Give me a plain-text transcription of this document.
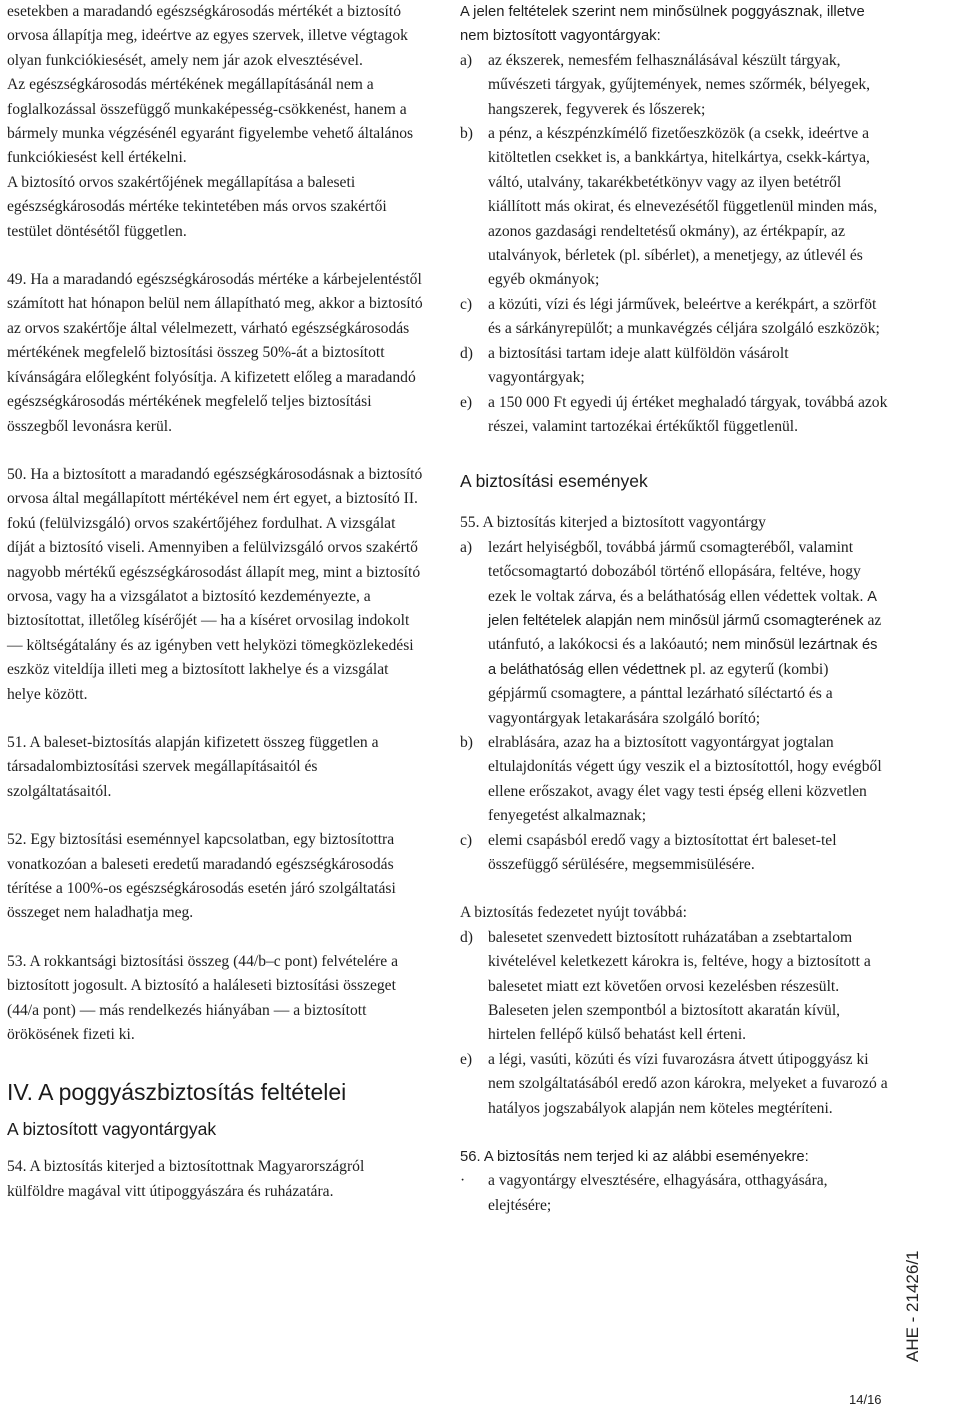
esetekben a maradandó egészségkárosodás mértékét a biztosító orvosa állapítja meg, ideértve az egyes szervek, illetve végtagok olyan funkciókiesését, amely nem jár azok elvesztésével.

Az egészségkárosodás mértékének megállapításánál nem a foglalkozással összefüggő munkaképesség-csökkenést, hanem a bármely munka végzésénél egyaránt figyelembe vehető általános funkciókiesést kell értékelni.

A biztosító orvos szakértőjének megállapítása a baleseti egészségkárosodás mértéke tekintetében más orvos szakértői testület döntésétől független.

49. Ha a maradandó egészségkárosodás mértéke a kárbejelentéstől számított hat hónapon belül nem állapítható meg, akkor a biztosító az orvos szakértője által vélelmezett, várható egészségkárosodás mértékének megfelelő biztosítási összeg 50%-át a biztosított kívánságára előlegként folyósítja. A kifizetett előleg a maradandó egészségkárosodás mértékének megfelelő teljes biztosítási összegből levonásra kerül.

50. Ha a biztosított a maradandó egészségkárosodásnak a biztosító orvosa által megállapított mértékével nem ért egyet, a biztosító II. fokú (felülvizsgáló) orvos szakértőjéhez fordulhat. A vizsgálat díját a biztosító viseli. Amennyiben a felülvizsgáló orvos szakértő nagyobb mértékű egészségkárosodást állapít meg, mint a biztosító orvosa, vagy ha a vizsgálatot a biztosító kezdeményezte, a biztosítottat, illetőleg kísérőjét — ha a kíséret orvosilag indokolt — költségátalány és az igényben vett helyközi tömegközlekedési eszköz viteldíja illeti meg a biztosított lakhelye és a vizsgálat helye között.

51. A baleset-biztosítás alapján kifizetett összeg független a társadalombiztosítási szervek megállapításaitól és szolgáltatásaitól.

52. Egy biztosítási eseménnyel kapcsolatban, egy biztosítottra vonatkozóan a baleseti eredetű maradandó egészségkárosodás térítése a 100%-os egészségkárosodás esetén járó szolgáltatási összeget nem haladhatja meg.

53. A rokkantsági biztosítási összeg (44/b–c pont) felvételére a biztosított jogosult. A biztosító a haláleseti biztosítási összeget (44/a pont) — más rendelkezés hiányában — a biztosított örökösének fizeti ki.

IV. A poggyászbiztosítás feltételei
A biztosított vagyontárgyak

54. A biztosítás kiterjed a biztosítottnak Magyarországról külföldre magával vitt útipoggyászára és ruházatára.

A jelen feltételek szerint nem minősülnek poggyásznak, illetve nem biztosított vagyontárgyak:

a) az ékszerek, nemesfém felhasználásával készült tárgyak, művészeti tárgyak, gyűjtemények, nemes szőrmék, bélyegek, hangszerek, fegyverek és lőszerek;
b) a pénz, a készpénzkímélő fizetőeszközök (a csekk, ideértve a kitöltetlen csekket is, a bankkártya, hitelkártya, csekk-kártya, váltó, utalvány, takarékbetétkönyv vagy az ilyen betétről kiállított más okirat, és elnevezésétől függetlenül minden más, azonos gazdasági rendeltetésű okmány), az értékpapír, az utalványok, bérletek (pl. síbérlet), a menetjegy, az útlevél és egyéb okmányok;
c) a közúti, vízi és légi járművek, beleértve a kerékpárt, a szörföt és a sárkányrepülőt; a munkavégzés céljára szolgáló eszközök;
d) a biztosítási tartam ideje alatt külföldön vásárolt vagyontárgyak;
e) a 150 000 Ft egyedi új értéket meghaladó tárgyak, továbbá azok részei, valamint tartozékai értékűktől függetlenül.
A biztosítási események

55. A biztosítás kiterjed a biztosított vagyontárgy

a) lezárt helyiségből, továbbá jármű csomagteréből, valamint tetőcsomagtartó dobozából történő ellopására, feltéve, hogy ezek le voltak zárva, és a beláthatóság ellen védettek voltak. A jelen feltételek alapján nem minősül jármű csomagterének az utánfutó, a lakókocsi és a lakóautó; nem minősül lezártnak és a beláthatóság ellen védettnek pl. az egyterű (kombi) gépjármű csomagtere, a pánttal lezárható síléctartó és a vagyontárgyak letakarására szolgáló borító;
b) elrablására, azaz ha a biztosított vagyontárgyat jogtalan eltulajdonítás végett úgy veszik el a biztosítottól, hogy evégből ellene erőszakot, avagy élet vagy testi épség elleni közvetlen fenyegetést alkalmaznak;
c) elemi csapásból eredő vagy a biztosítottat ért baleset-tel összefüggő sérülésére, megsemmisülésére.

A biztosítás fedezetet nyújt továbbá:

d) balesetet szenvedett biztosított ruházatában a zsebtartalom kivételével keletkezett károkra is, feltéve, hogy a biztosított a balesetet miatt ezt követően orvosi kezelésben részesült. Baleseten jelen szempontból a biztosított akaratán kívül, hirtelen fellépő külső behatást kell érteni.
e) a légi, vasúti, közúti és vízi fuvarozásra átvett útipoggyász ki nem szolgáltatásából eredő azon károkra, melyeket a fuvarozó a hatályos jogszabályok alapján nem köteles megtéríteni.

56. A biztosítás nem terjed ki az alábbi eseményekre:

· a vagyontárgy elvesztésére, elhagyására, otthagyására, elejtésére;
AHE - 21426/1
14/16
